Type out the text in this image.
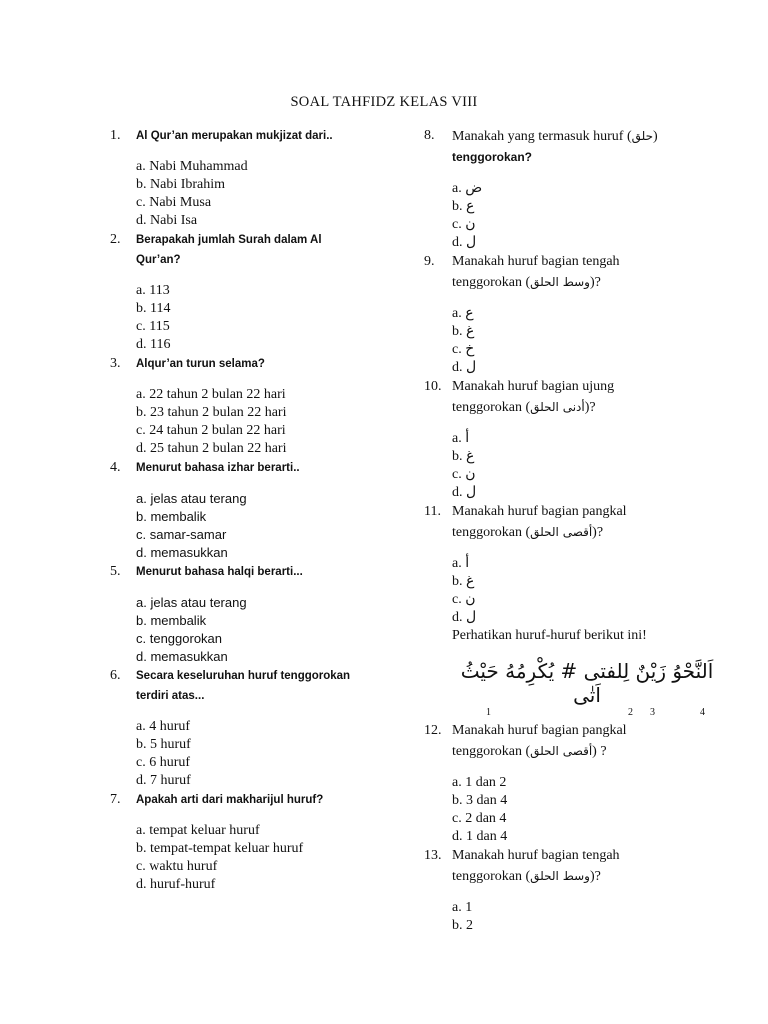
SOAL TAHFIDZ KELAS VIII
1.	Al Qur’an merupakan mukjizat dari..
a. Nabi Muhammad
b. Nabi Ibrahim
c. Nabi Musa
d. Nabi Isa
2.	Berapakah jumlah Surah dalam Al Qur’an?
a. 113
b. 114
c. 115
d. 116
3.	Alqur’an turun selama?
a. 22 tahun 2 bulan 22 hari
b. 23 tahun 2 bulan 22 hari
c. 24 tahun 2 bulan 22 hari
d. 25 tahun 2 bulan 22 hari
4.	Menurut bahasa izhar berarti..
a. jelas atau terang
b. membalik
c. samar-samar
d. memasukkan
5.	Menurut bahasa halqi berarti...
a. jelas atau terang
b. membalik
c. tenggorokan
d. memasukkan
6.	Secara keseluruhan huruf tenggorokan terdiri atas...
a. 4 huruf
b. 5 huruf
c. 6 huruf
d. 7 huruf
7.	Apakah arti dari makharijul huruf?
a. tempat keluar huruf
b. tempat-tempat keluar huruf
c. waktu huruf
d. huruf-huruf
8.	Manakah yang termasuk huruf (حلق)
tenggorokan?
a. ض
b. ع
c. ن
d. ل
9.	Manakah huruf bagian tengah
tenggorokan (وسط الحلق)?
a. ع
b. غ
c. خ
d. ل
10. Manakah huruf bagian ujung
tenggorokan (أدنى الحلق)?
a. أ
b. غ
c. ن
d. ل
11. Manakah huruf bagian pangkal
tenggorokan (أقصى الحلق)?
a. أ
b. غ
c. ن
d. ل
Perhatikan huruf-huruf berikut ini!
اَلنَّحْوُ زَيْنٌ لِلفتى # يُكْرِمُهُ حَيْثُ اَتٰى
1	2 3	4
12. Manakah huruf bagian pangkal
tenggorokan (أقصى الحلق) ?
a. 1 dan 2
b. 3 dan 4
c. 2 dan 4
d. 1 dan 4
13. Manakah huruf bagian tengah
tenggorokan (وسط الحلق)?
a. 1
b. 2
